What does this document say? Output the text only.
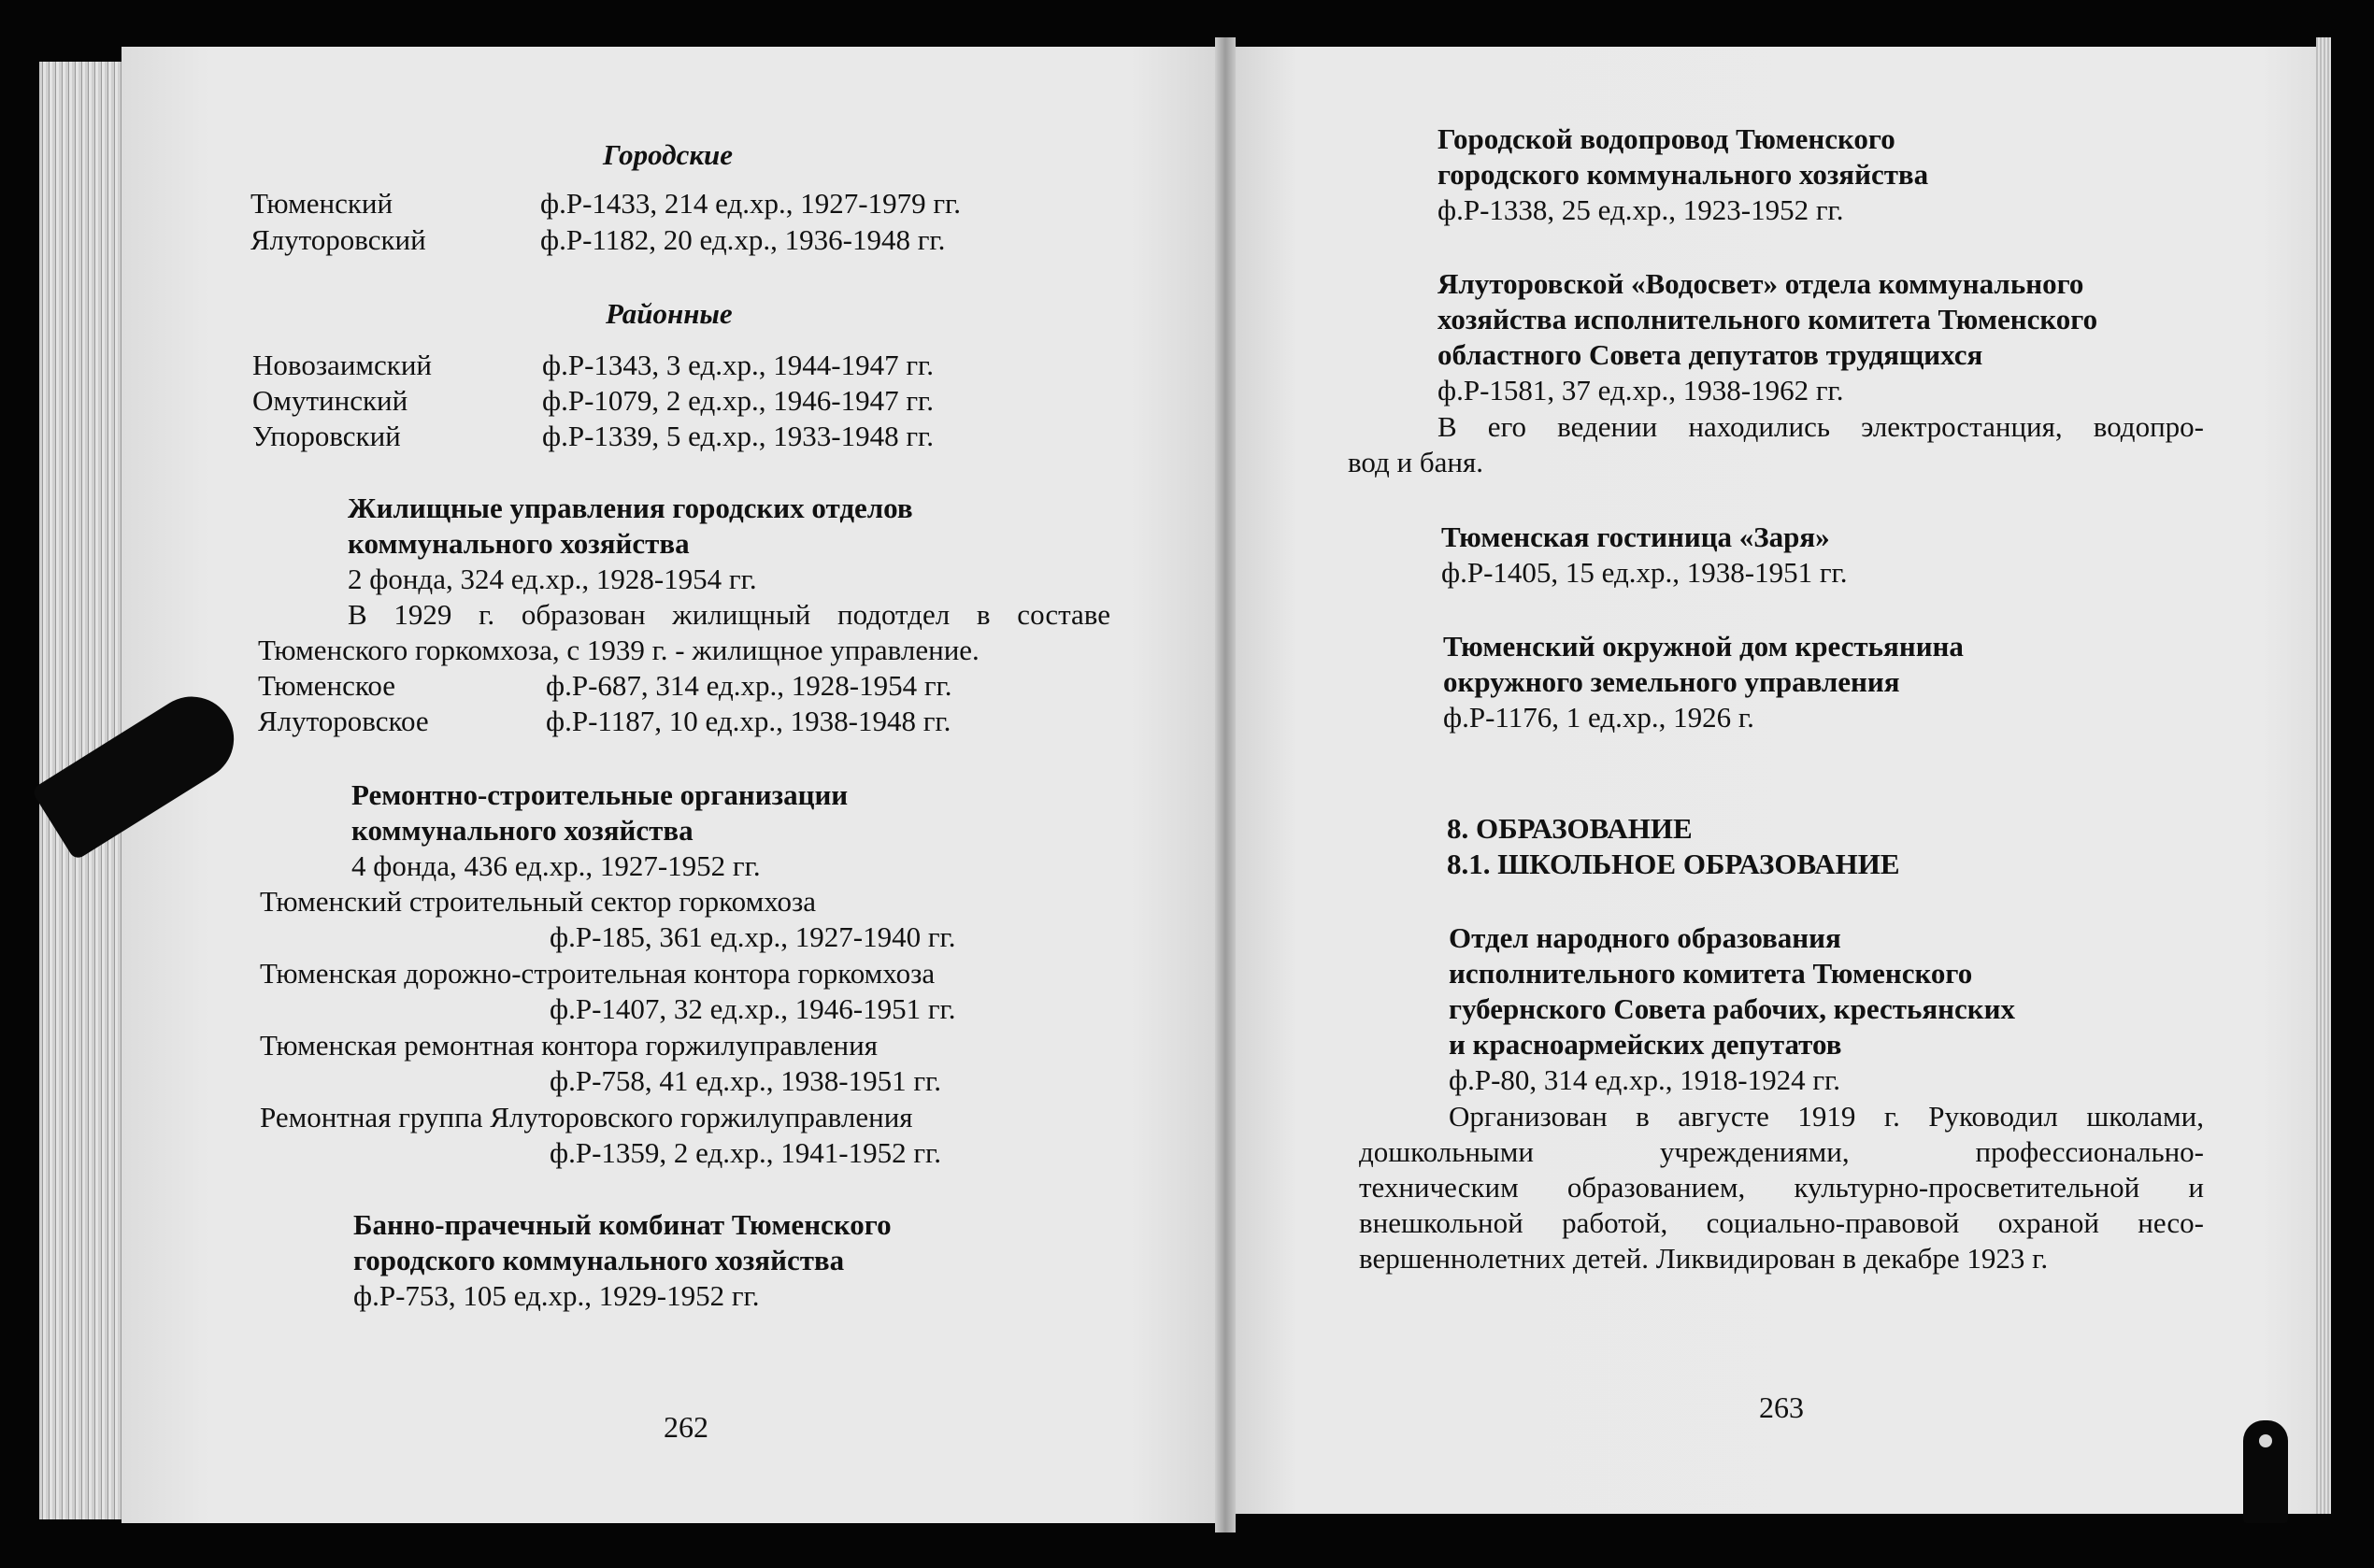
Городские
Тюменский	ф.Р-1433, 214 ед.хр., 1927-1979 гг.
Ялуторовский	ф.Р-1182, 20 ед.хр., 1936-1948 гг.
Районные
Новозаимский	ф.Р-1343, 3 ед.хр., 1944-1947 гг.
Омутинский	ф.Р-1079, 2 ед.хр., 1946-1947 гг.
Упоровский	ф.Р-1339, 5 ед.хр., 1933-1948 гг.
Жилищные управления городских отделов
коммунального хозяйства
2 фонда, 324 ед.хр., 1928-1954 гг.
В 1929 г. образован жилищный подотдел в составе
Тюменского горкомхоза, с 1939 г. - жилищное управление.
Тюменское	ф.Р-687, 314 ед.хр., 1928-1954 гг.
Ялуторовское	ф.Р-1187, 10 ед.хр., 1938-1948 гг.
Ремонтно-строительные организации
коммунального хозяйства
4 фонда, 436 ед.хр., 1927-1952 гг.
Тюменский строительный сектор горкомхоза
ф.Р-185, 361 ед.хр., 1927-1940 гг.
Тюменская дорожно-строительная контора горкомхоза
ф.Р-1407, 32 ед.хр., 1946-1951 гг.
Тюменская ремонтная контора горжилуправления
ф.Р-758, 41 ед.хр., 1938-1951 гг.
Ремонтная группа Ялуторовского горжилуправления
ф.Р-1359, 2 ед.хр., 1941-1952 гг.
Банно-прачечный комбинат Тюменского
городского коммунального хозяйства
ф.Р-753, 105 ед.хр., 1929-1952 гг.
262
Городской водопровод Тюменского
городского коммунального хозяйства
ф.Р-1338, 25 ед.хр., 1923-1952 гг.
Ялуторовской «Водосвет» отдела коммунального
хозяйства исполнительного комитета Тюменского
областного Совета депутатов трудящихся
ф.Р-1581, 37 ед.хр., 1938-1962 гг.
В его ведении находились электростанция, водопро-
вод и баня.
Тюменская гостиница «Заря»
ф.Р-1405, 15 ед.хр., 1938-1951 гг.
Тюменский окружной дом крестьянина
окружного земельного управления
ф.Р-1176, 1 ед.хр., 1926 г.
8. ОБРАЗОВАНИЕ
8.1. ШКОЛЬНОЕ ОБРАЗОВАНИЕ
Отдел народного образования
исполнительного комитета Тюменского
губернского Совета рабочих, крестьянских
и красноармейских депутатов
ф.Р-80, 314 ед.хр., 1918-1924 гг.
Организован в августе 1919 г. Руководил школами,
дошкольными учреждениями, профессионально-
техническим образованием, культурно-просветительной и
внешкольной работой, социально-правовой охраной несо-
вершеннолетних детей. Ликвидирован в декабре 1923 г.
263
